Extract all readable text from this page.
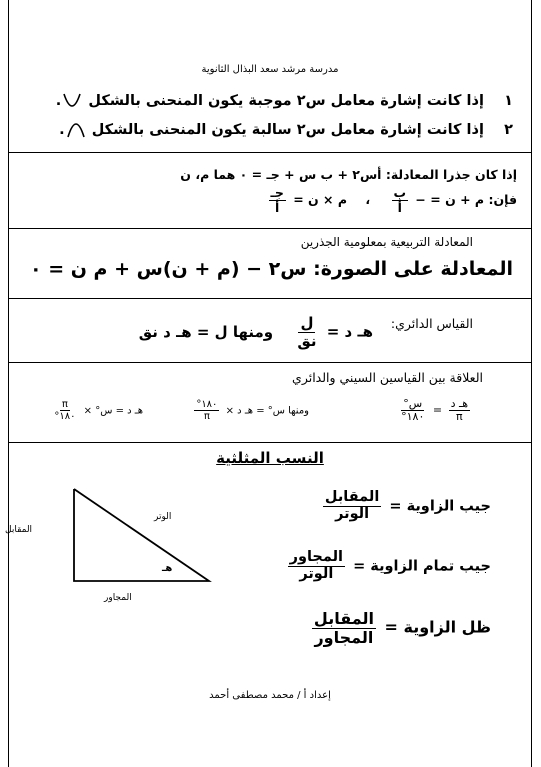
مدرسة مرشد سعد البذال الثانوية
١    إذا كانت إشارة معامل س٢ موجبة يكون المنحنى بالشكل .
٢    إذا كانت إشارة معامل س٢ سالبة يكون المنحنى بالشكل .
إذا كان جذرا المعادلة: أس٢ + ب س + جـ = ٠ هما م، ن
فإن: م + ن = −
$\frac{\text{ب}}{\text{أ}}$
، م × ن =
$\frac{\text{جـ}}{\text{أ}}$
المعادلة التربيعية بمعلومية الجذرين
المعادلة على الصورة: س٢ − (م + ن)س + م ن = ٠
القياس الدائري:
هـ د =
$\frac{\text{ل}}{\text{نق}}$
ومنها ل = هـ د نق
العلاقة بين القياسين السيني والدائري
$\frac{\text{هـ د}}{\pi}$
=
$\frac{\text{س°}}{١٨٠^\circ}$
ومنها س° = هـ د ×
$\frac{١٨٠^\circ}{\pi}$
هـ د = س° ×
$\frac{\pi}{١٨٠^\circ}$
النسب المثلثية
جيب الزاوية =
$\frac{\text{المقابل}}{\text{الوتر}}$
جيب تمام الزاوية =
$\frac{\text{المجاور}}{\text{الوتر}}$
ظل الزاوية =
$\frac{\text{المقابل}}{\text{المجاور}}$
الوتر
المقابل
المجاور
هـ
إعداد أ / محمد مصطفى أحمد
